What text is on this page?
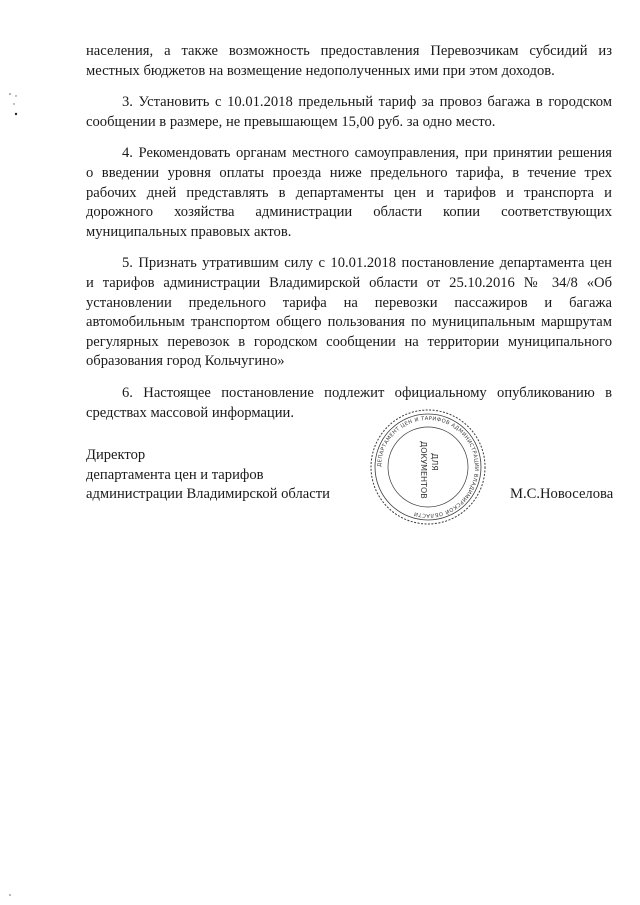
населения, а также возможность предоставления Перевозчикам субсидий из
местных бюджетов на возмещение недополученных ими при этом доходов.
3. Установить с 10.01.2018 предельный тариф за провоз багажа в городском
сообщении в размере, не превышающем 15,00 руб. за одно место.
4. Рекомендовать органам местного самоуправления, при принятии решения
о введении уровня оплаты проезда ниже предельного тарифа, в течение трех
рабочих дней представлять в департаменты цен и тарифов и транспорта и
дорожного хозяйства администрации области копии соответствующих
муниципальных правовых актов.
5. Признать утратившим силу с 10.01.2018 постановление департамента цен
и тарифов администрации Владимирской области от 25.10.2016 № 34/8 «Об
установлении предельного тарифа на перевозки пассажиров и багажа
автомобильным транспортом общего пользования по муниципальным маршрутам
регулярных перевозок в городском сообщении на территории муниципального
образования город Кольчугино»
6. Настоящее постановление подлежит официальному опубликованию в
средствах массовой информации.
Директор
департамента цен и тарифов
администрации Владимирской области
ДЕПАРТАМЕНТ ЦЕН И ТАРИФОВ АДМИНИСТРАЦИИ ВЛАДИМИРСКОЙ ОБЛАСТИ
ДЛЯ
ДОКУМЕНТОВ	М.С.Новоселова
